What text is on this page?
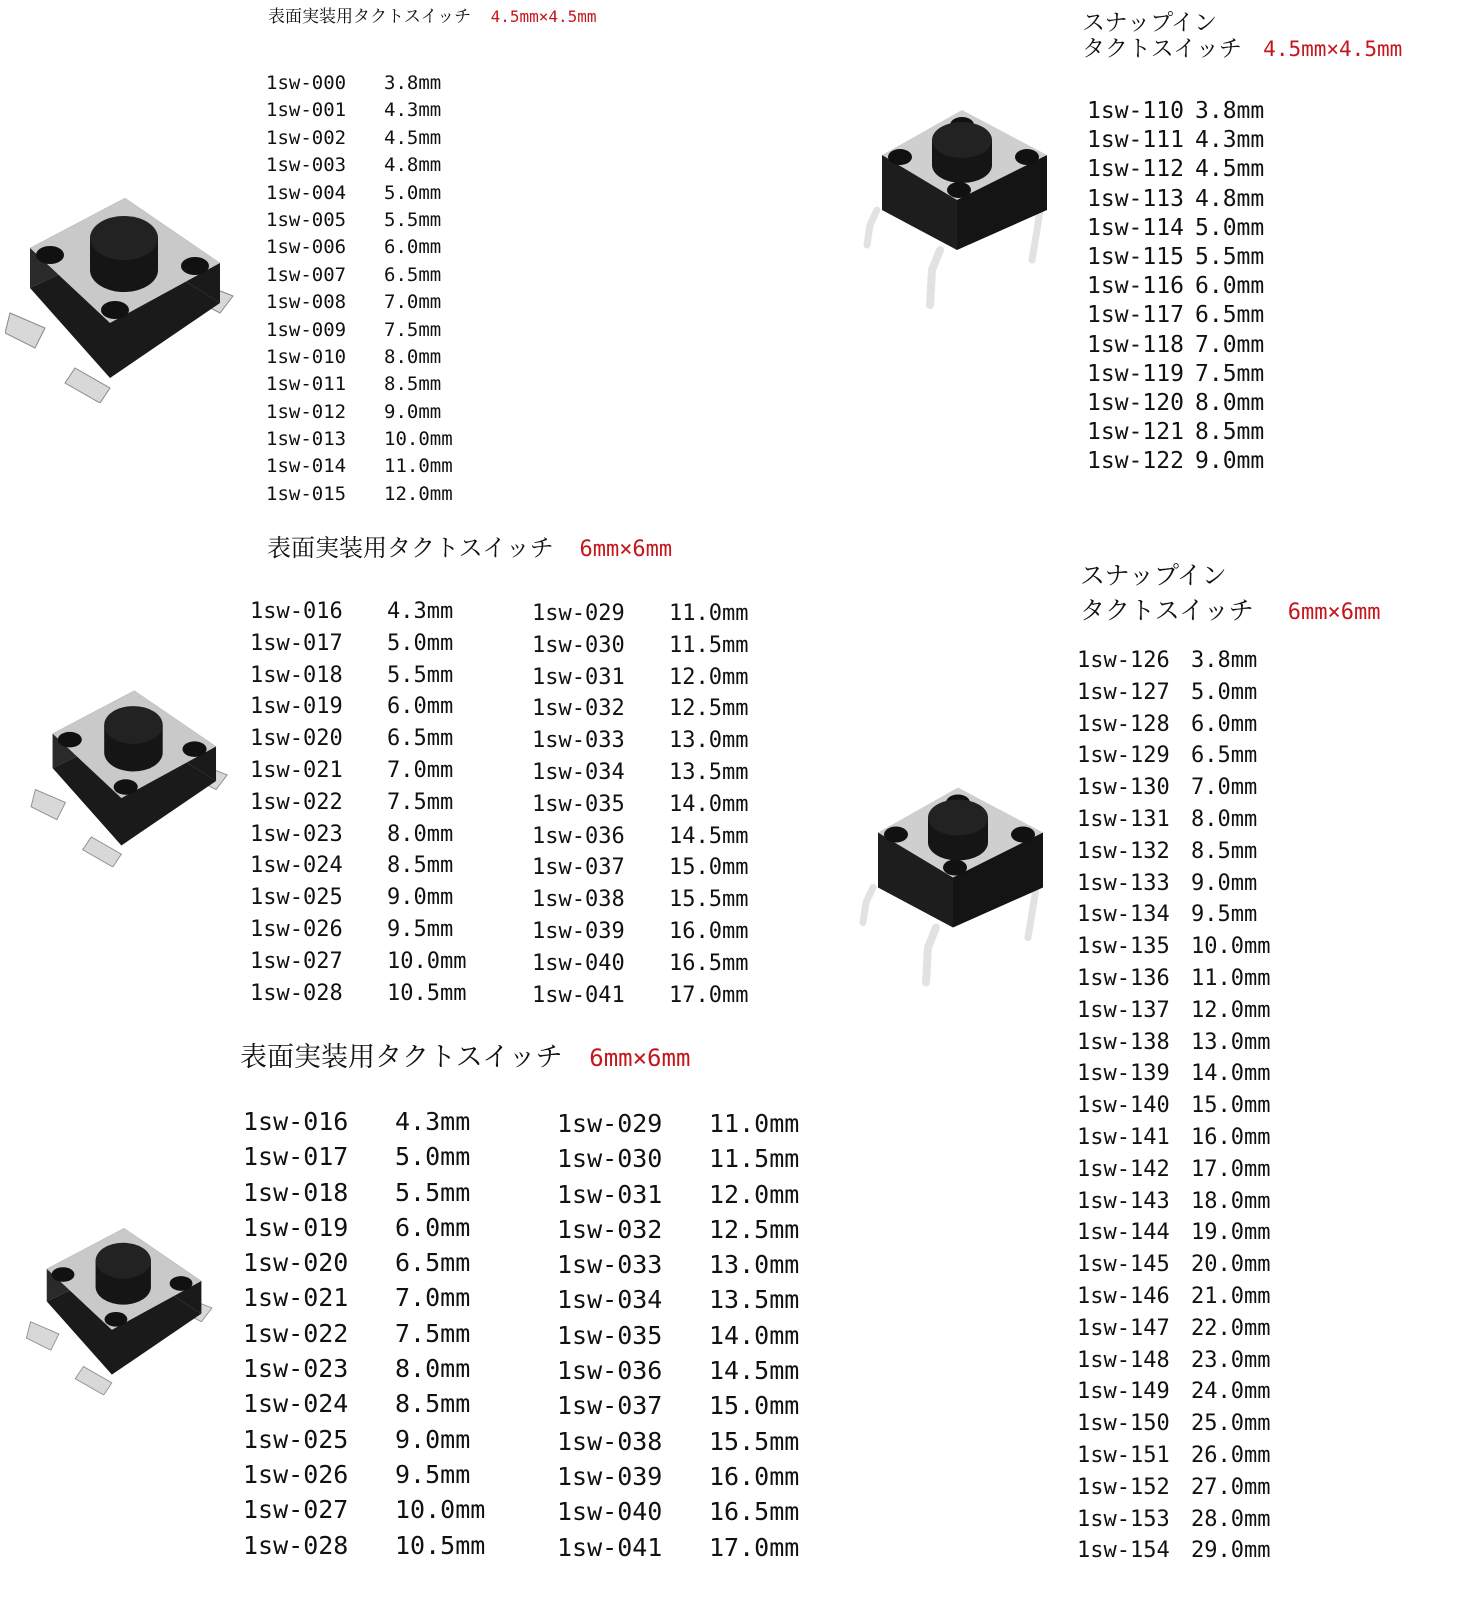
表面実装用タクトスイッチ 4.5mm×4.5mm
1sw-000	3.8mm
1sw-001	4.3mm
1sw-002	4.5mm
1sw-003	4.8mm
1sw-004	5.0mm
1sw-005	5.5mm
1sw-006	6.0mm
1sw-007	6.5mm
1sw-008	7.0mm
1sw-009	7.5mm
1sw-010	8.0mm
1sw-011	8.5mm
1sw-012	9.0mm
1sw-013	10.0mm
1sw-014	11.0mm
1sw-015	12.0mm
表面実装用タクトスイッチ 6mm×6mm
1sw-016	4.3mm
1sw-017	5.0mm
1sw-018	5.5mm
1sw-019	6.0mm
1sw-020	6.5mm
1sw-021	7.0mm
1sw-022	7.5mm
1sw-023	8.0mm
1sw-024	8.5mm
1sw-025	9.0mm
1sw-026	9.5mm
1sw-027	10.0mm
1sw-028	10.5mm
1sw-029	11.0mm
1sw-030	11.5mm
1sw-031	12.0mm
1sw-032	12.5mm
1sw-033	13.0mm
1sw-034	13.5mm
1sw-035	14.0mm
1sw-036	14.5mm
1sw-037	15.0mm
1sw-038	15.5mm
1sw-039	16.0mm
1sw-040	16.5mm
1sw-041	17.0mm
表面実装用タクトスイッチ 6mm×6mm
1sw-016	4.3mm
1sw-017	5.0mm
1sw-018	5.5mm
1sw-019	6.0mm
1sw-020	6.5mm
1sw-021	7.0mm
1sw-022	7.5mm
1sw-023	8.0mm
1sw-024	8.5mm
1sw-025	9.0mm
1sw-026	9.5mm
1sw-027	10.0mm
1sw-028	10.5mm
1sw-029	11.0mm
1sw-030	11.5mm
1sw-031	12.0mm
1sw-032	12.5mm
1sw-033	13.0mm
1sw-034	13.5mm
1sw-035	14.0mm
1sw-036	14.5mm
1sw-037	15.0mm
1sw-038	15.5mm
1sw-039	16.0mm
1sw-040	16.5mm
1sw-041	17.0mm
スナップイン
タクトスイッチ 4.5mm×4.5mm
1sw-110 3.8mm
1sw-111 4.3mm
1sw-112 4.5mm
1sw-113 4.8mm
1sw-114 5.0mm
1sw-115 5.5mm
1sw-116 6.0mm
1sw-117 6.5mm
1sw-118 7.0mm
1sw-119 7.5mm
1sw-120 8.0mm
1sw-121 8.5mm
1sw-122 9.0mm
スナップイン
タクトスイッチ 6mm×6mm
1sw-126 3.8mm
1sw-127 5.0mm
1sw-128 6.0mm
1sw-129 6.5mm
1sw-130 7.0mm
1sw-131 8.0mm
1sw-132 8.5mm
1sw-133 9.0mm
1sw-134 9.5mm
1sw-135 10.0mm
1sw-136 11.0mm
1sw-137 12.0mm
1sw-138 13.0mm
1sw-139 14.0mm
1sw-140 15.0mm
1sw-141 16.0mm
1sw-142 17.0mm
1sw-143 18.0mm
1sw-144 19.0mm
1sw-145 20.0mm
1sw-146 21.0mm
1sw-147 22.0mm
1sw-148 23.0mm
1sw-149 24.0mm
1sw-150 25.0mm
1sw-151 26.0mm
1sw-152 27.0mm
1sw-153 28.0mm
1sw-154 29.0mm
